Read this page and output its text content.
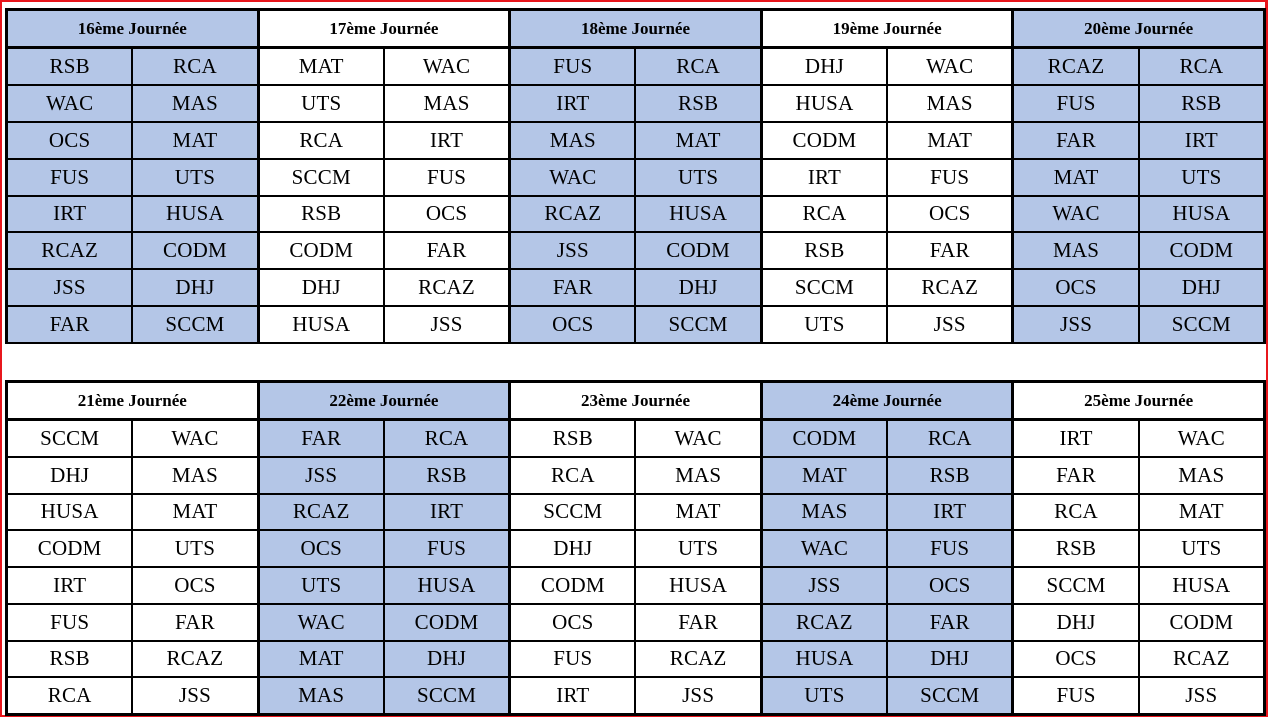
16ème Journée
RSB	RCA
WAC	MAS
OCS	MAT
FUS	UTS
IRT	HUSA
RCAZ	CODM
JSS	DHJ
FAR	SCCM
17ème Journée
MAT	WAC
UTS	MAS
RCA	IRT
SCCM	FUS
RSB	OCS
CODM	FAR
DHJ	RCAZ
HUSA	JSS
18ème Journée
FUS	RCA
IRT	RSB
MAS	MAT
WAC	UTS
RCAZ	HUSA
JSS	CODM
FAR	DHJ
OCS	SCCM
19ème Journée
DHJ	WAC
HUSA	MAS
CODM	MAT
IRT	FUS
RCA	OCS
RSB	FAR
SCCM	RCAZ
UTS	JSS
20ème Journée
RCAZ	RCA
FUS	RSB
FAR	IRT
MAT	UTS
WAC	HUSA
MAS	CODM
OCS	DHJ
JSS	SCCM
21ème Journée
SCCM	WAC
DHJ	MAS
HUSA	MAT
CODM	UTS
IRT	OCS
FUS	FAR
RSB	RCAZ
RCA	JSS
22ème Journée
FAR	RCA
JSS	RSB
RCAZ	IRT
OCS	FUS
UTS	HUSA
WAC	CODM
MAT	DHJ
MAS	SCCM
23ème Journée
RSB	WAC
RCA	MAS
SCCM	MAT
DHJ	UTS
CODM	HUSA
OCS	FAR
FUS	RCAZ
IRT	JSS
24ème Journée
CODM	RCA
MAT	RSB
MAS	IRT
WAC	FUS
JSS	OCS
RCAZ	FAR
HUSA	DHJ
UTS	SCCM
25ème Journée
IRT	WAC
FAR	MAS
RCA	MAT
RSB	UTS
SCCM	HUSA
DHJ	CODM
OCS	RCAZ
FUS	JSS
